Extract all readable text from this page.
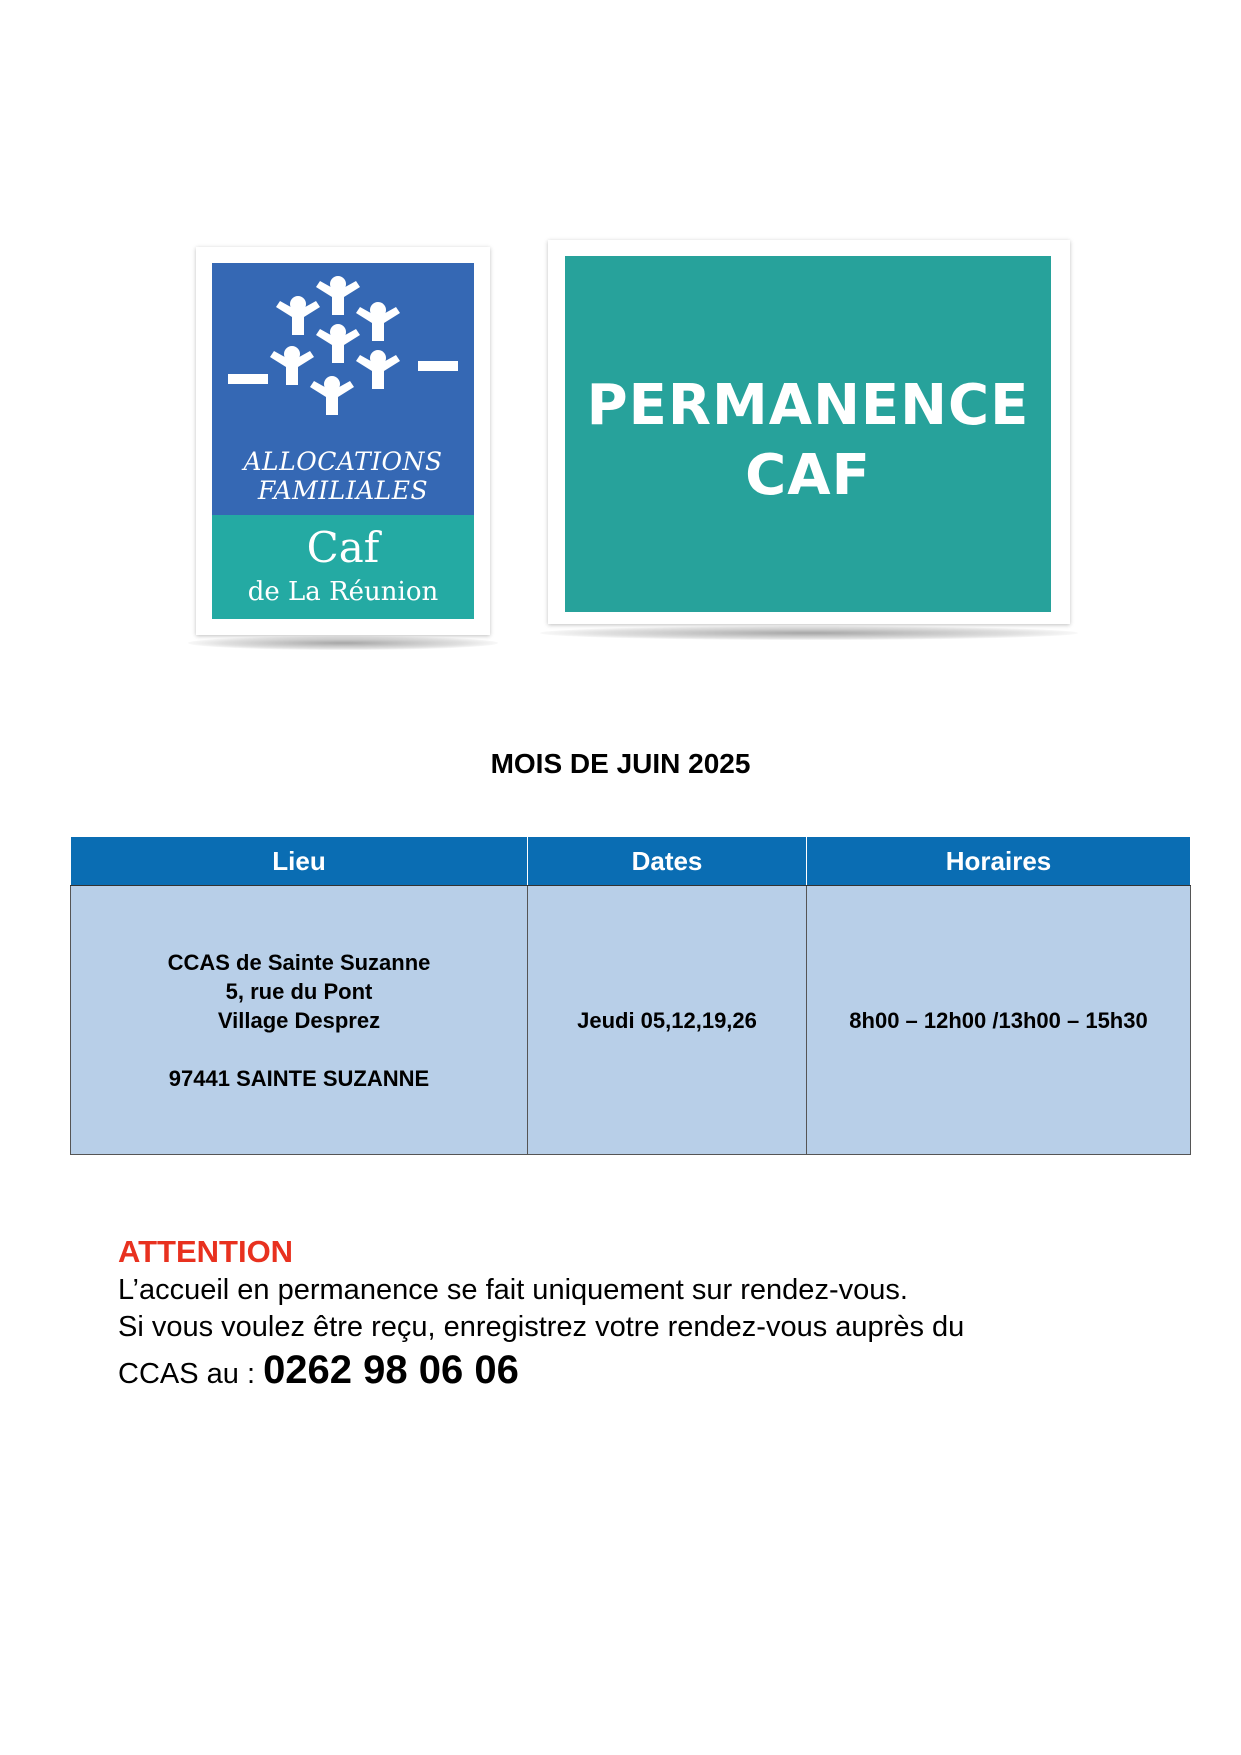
ALLOCATIONS
FAMILIALES
Caf
de La Réunion
PERMANENCE
CAF
MOIS DE JUIN 2025
Lieu	Dates	Horaires

CCAS de Sainte Suzanne
5, rue du Pont
Village Desprez
97441 SAINTE SUZANNE	Jeudi 05,12,19,26	8h00 – 12h00 /13h00 – 15h30
ATTENTION
L’accueil en permanence se fait uniquement sur rendez-vous.
Si vous voulez être reçu, enregistrez votre rendez-vous auprès du
CCAS au : 0262 98 06 06
